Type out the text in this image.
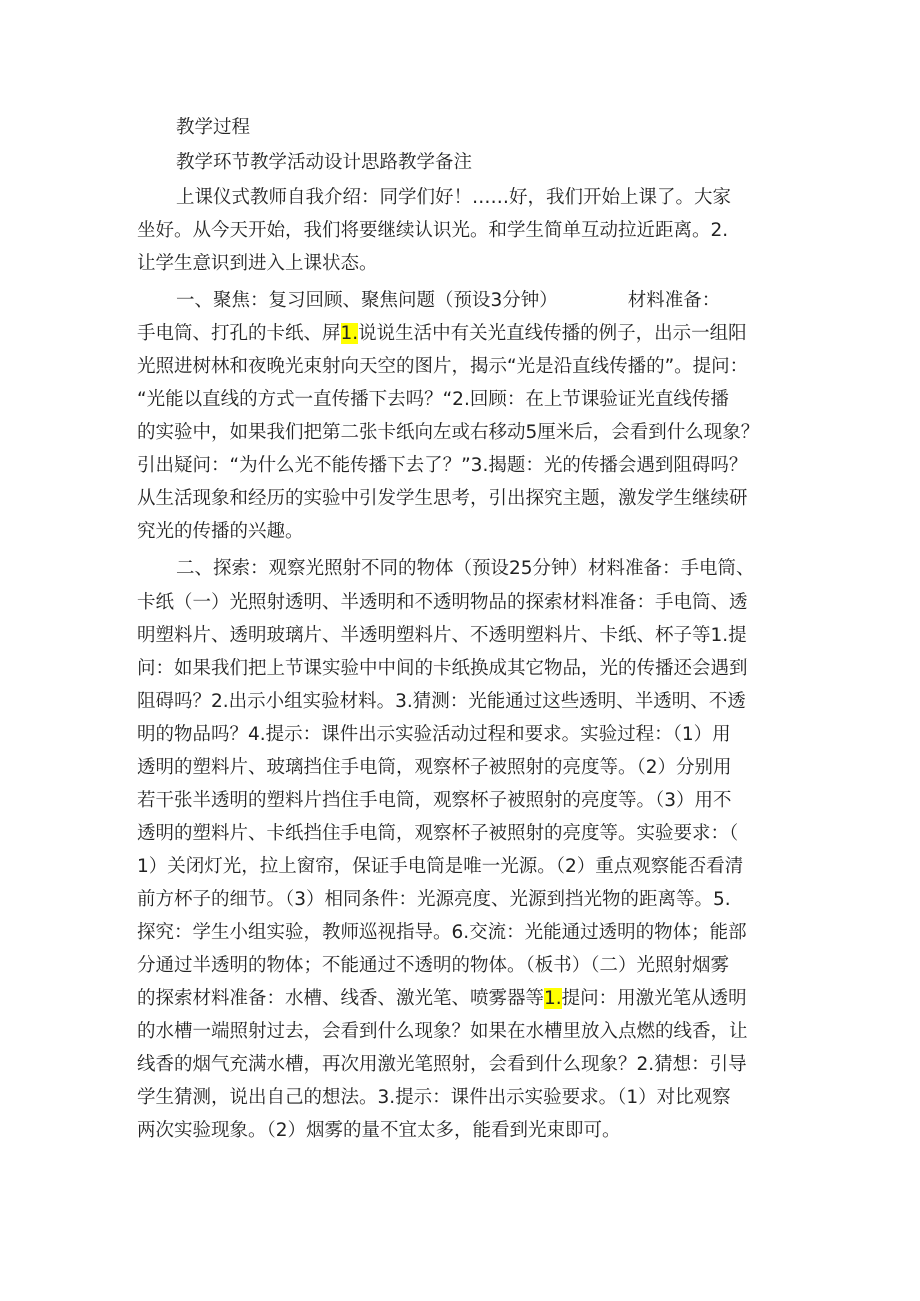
教学过程
教学环节教学活动设计思路教学备注
上课仪式教师自我介绍：同学们好！……好，我们开始上课了。大家
坐好。从今天开始，我们将要继续认识光。和学生简单互动拉近距离。2.
让学生意识到进入上课状态。
一、聚焦：复习回顾、聚焦问题（预设3分钟）	材料准备：
手电筒、打孔的卡纸、屏1.说说生活中有关光直线传播的例子，出示一组阳
光照进树林和夜晚光束射向天空的图片，揭示“光是沿直线传播的”。提问：
“光能以直线的方式一直传播下去吗？“2.回顾：在上节课验证光直线传播
的实验中，如果我们把第二张卡纸向左或右移动5厘米后，会看到什么现象？
引出疑问：“为什么光不能传播下去了？”3.揭题：光的传播会遇到阻碍吗？
从生活现象和经历的实验中引发学生思考，引出探究主题，激发学生继续研
究光的传播的兴趣。
二、探索：观察光照射不同的物体（预设25分钟）材料准备：手电筒、
卡纸（一）光照射透明、半透明和不透明物品的探索材料准备：手电筒、透
明塑料片、透明玻璃片、半透明塑料片、不透明塑料片、卡纸、杯子等1.提
问：如果我们把上节课实验中中间的卡纸换成其它物品，光的传播还会遇到
阻碍吗？2.出示小组实验材料。3.猜测：光能通过这些透明、半透明、不透
明的物品吗？4.提示：课件出示实验活动过程和要求。实验过程：（1）用
透明的塑料片、玻璃挡住手电筒，观察杯子被照射的亮度等。（2）分别用
若干张半透明的塑料片挡住手电筒，观察杯子被照射的亮度等。（3）用不
透明的塑料片、卡纸挡住手电筒，观察杯子被照射的亮度等。实验要求：（
1）关闭灯光，拉上窗帘，保证手电筒是唯一光源。（2）重点观察能否看清
前方杯子的细节。（3）相同条件：光源亮度、光源到挡光物的距离等。5.
探究：学生小组实验，教师巡视指导。6.交流：光能通过透明的物体；能部
分通过半透明的物体；不能通过不透明的物体。（板书）（二）光照射烟雾
的探索材料准备：水槽、线香、激光笔、喷雾器等1.提问：用激光笔从透明
的水槽一端照射过去，会看到什么现象？如果在水槽里放入点燃的线香，让
线香的烟气充满水槽，再次用激光笔照射，会看到什么现象？2.猜想：引导
学生猜测，说出自己的想法。3.提示：课件出示实验要求。（1）对比观察
两次实验现象。（2）烟雾的量不宜太多，能看到光束即可。
